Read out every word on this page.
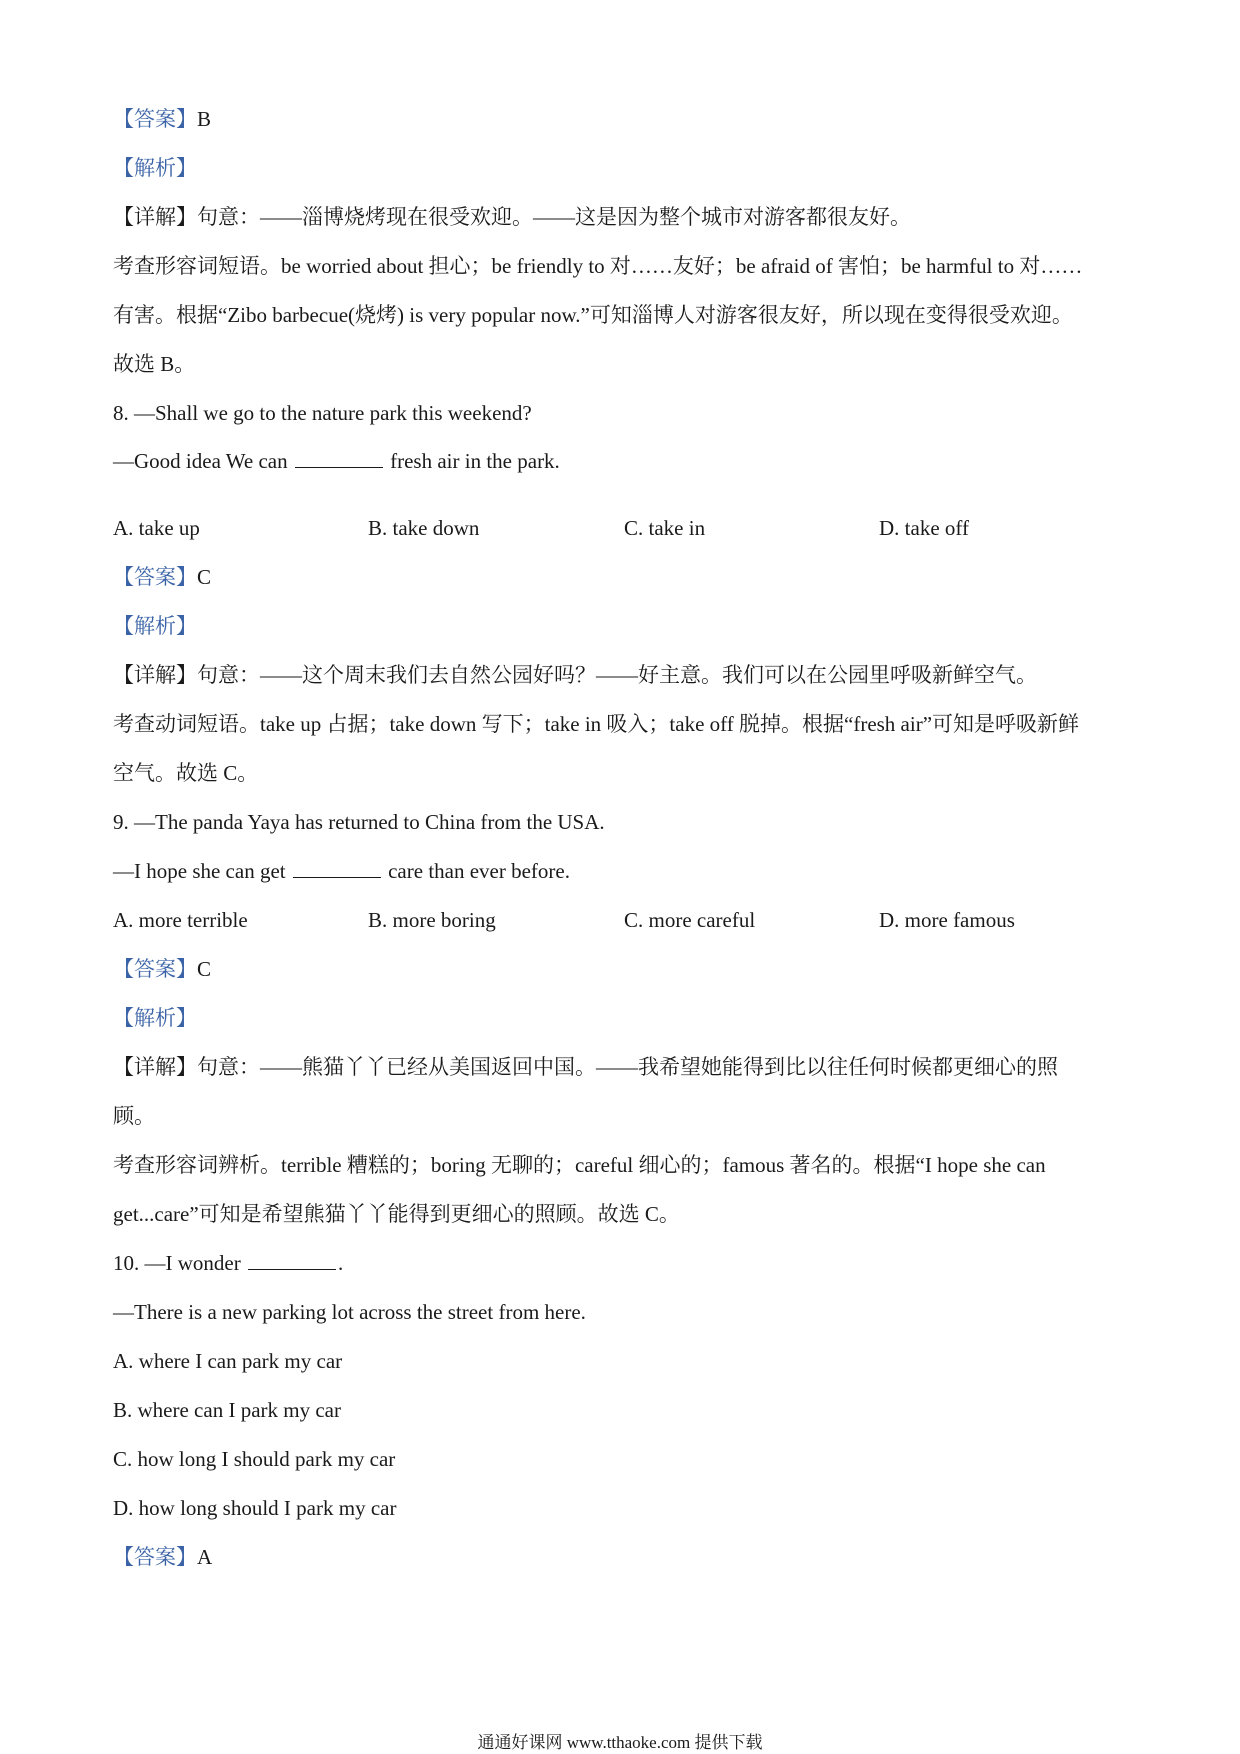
【答案】B
【解析】
【详解】句意：——淄博烧烤现在很受欢迎。——这是因为整个城市对游客都很友好。
考查形容词短语。be worried about 担心；be friendly to 对……友好；be afraid of 害怕；be harmful to 对……
有害。根据“Zibo barbecue(烧烤) is very popular now.”可知淄博人对游客很友好，所以现在变得很受欢迎。
故选 B。
8. —Shall we go to the nature park this weekend?
—Good idea We can	fresh air in the park.
A. take up	B. take down	C. take in	D. take off
【答案】C
【解析】
【详解】句意：——这个周末我们去自然公园好吗？——好主意。我们可以在公园里呼吸新鲜空气。
考查动词短语。take up 占据；take down 写下；take in 吸入；take off 脱掉。根据“fresh air”可知是呼吸新鲜
空气。故选 C。
9. —The panda Yaya has returned to China from the USA.
—I hope she can get	care than ever before.
A. more terrible	B. more boring	C. more careful	D. more famous
【答案】C
【解析】
【详解】句意：——熊猫丫丫已经从美国返回中国。——我希望她能得到比以往任何时候都更细心的照
顾。
考查形容词辨析。terrible 糟糕的；boring 无聊的；careful 细心的；famous 著名的。根据“I hope she can
get...care”可知是希望熊猫丫丫能得到更细心的照顾。故选 C。
10. —I wonder	.
—There is a new parking lot across the street from here.
A. where I can park my car
B. where can I park my car
C. how long I should park my car
D. how long should I park my car
【答案】A
通通好课网 www.tthaoke.com 提供下载
